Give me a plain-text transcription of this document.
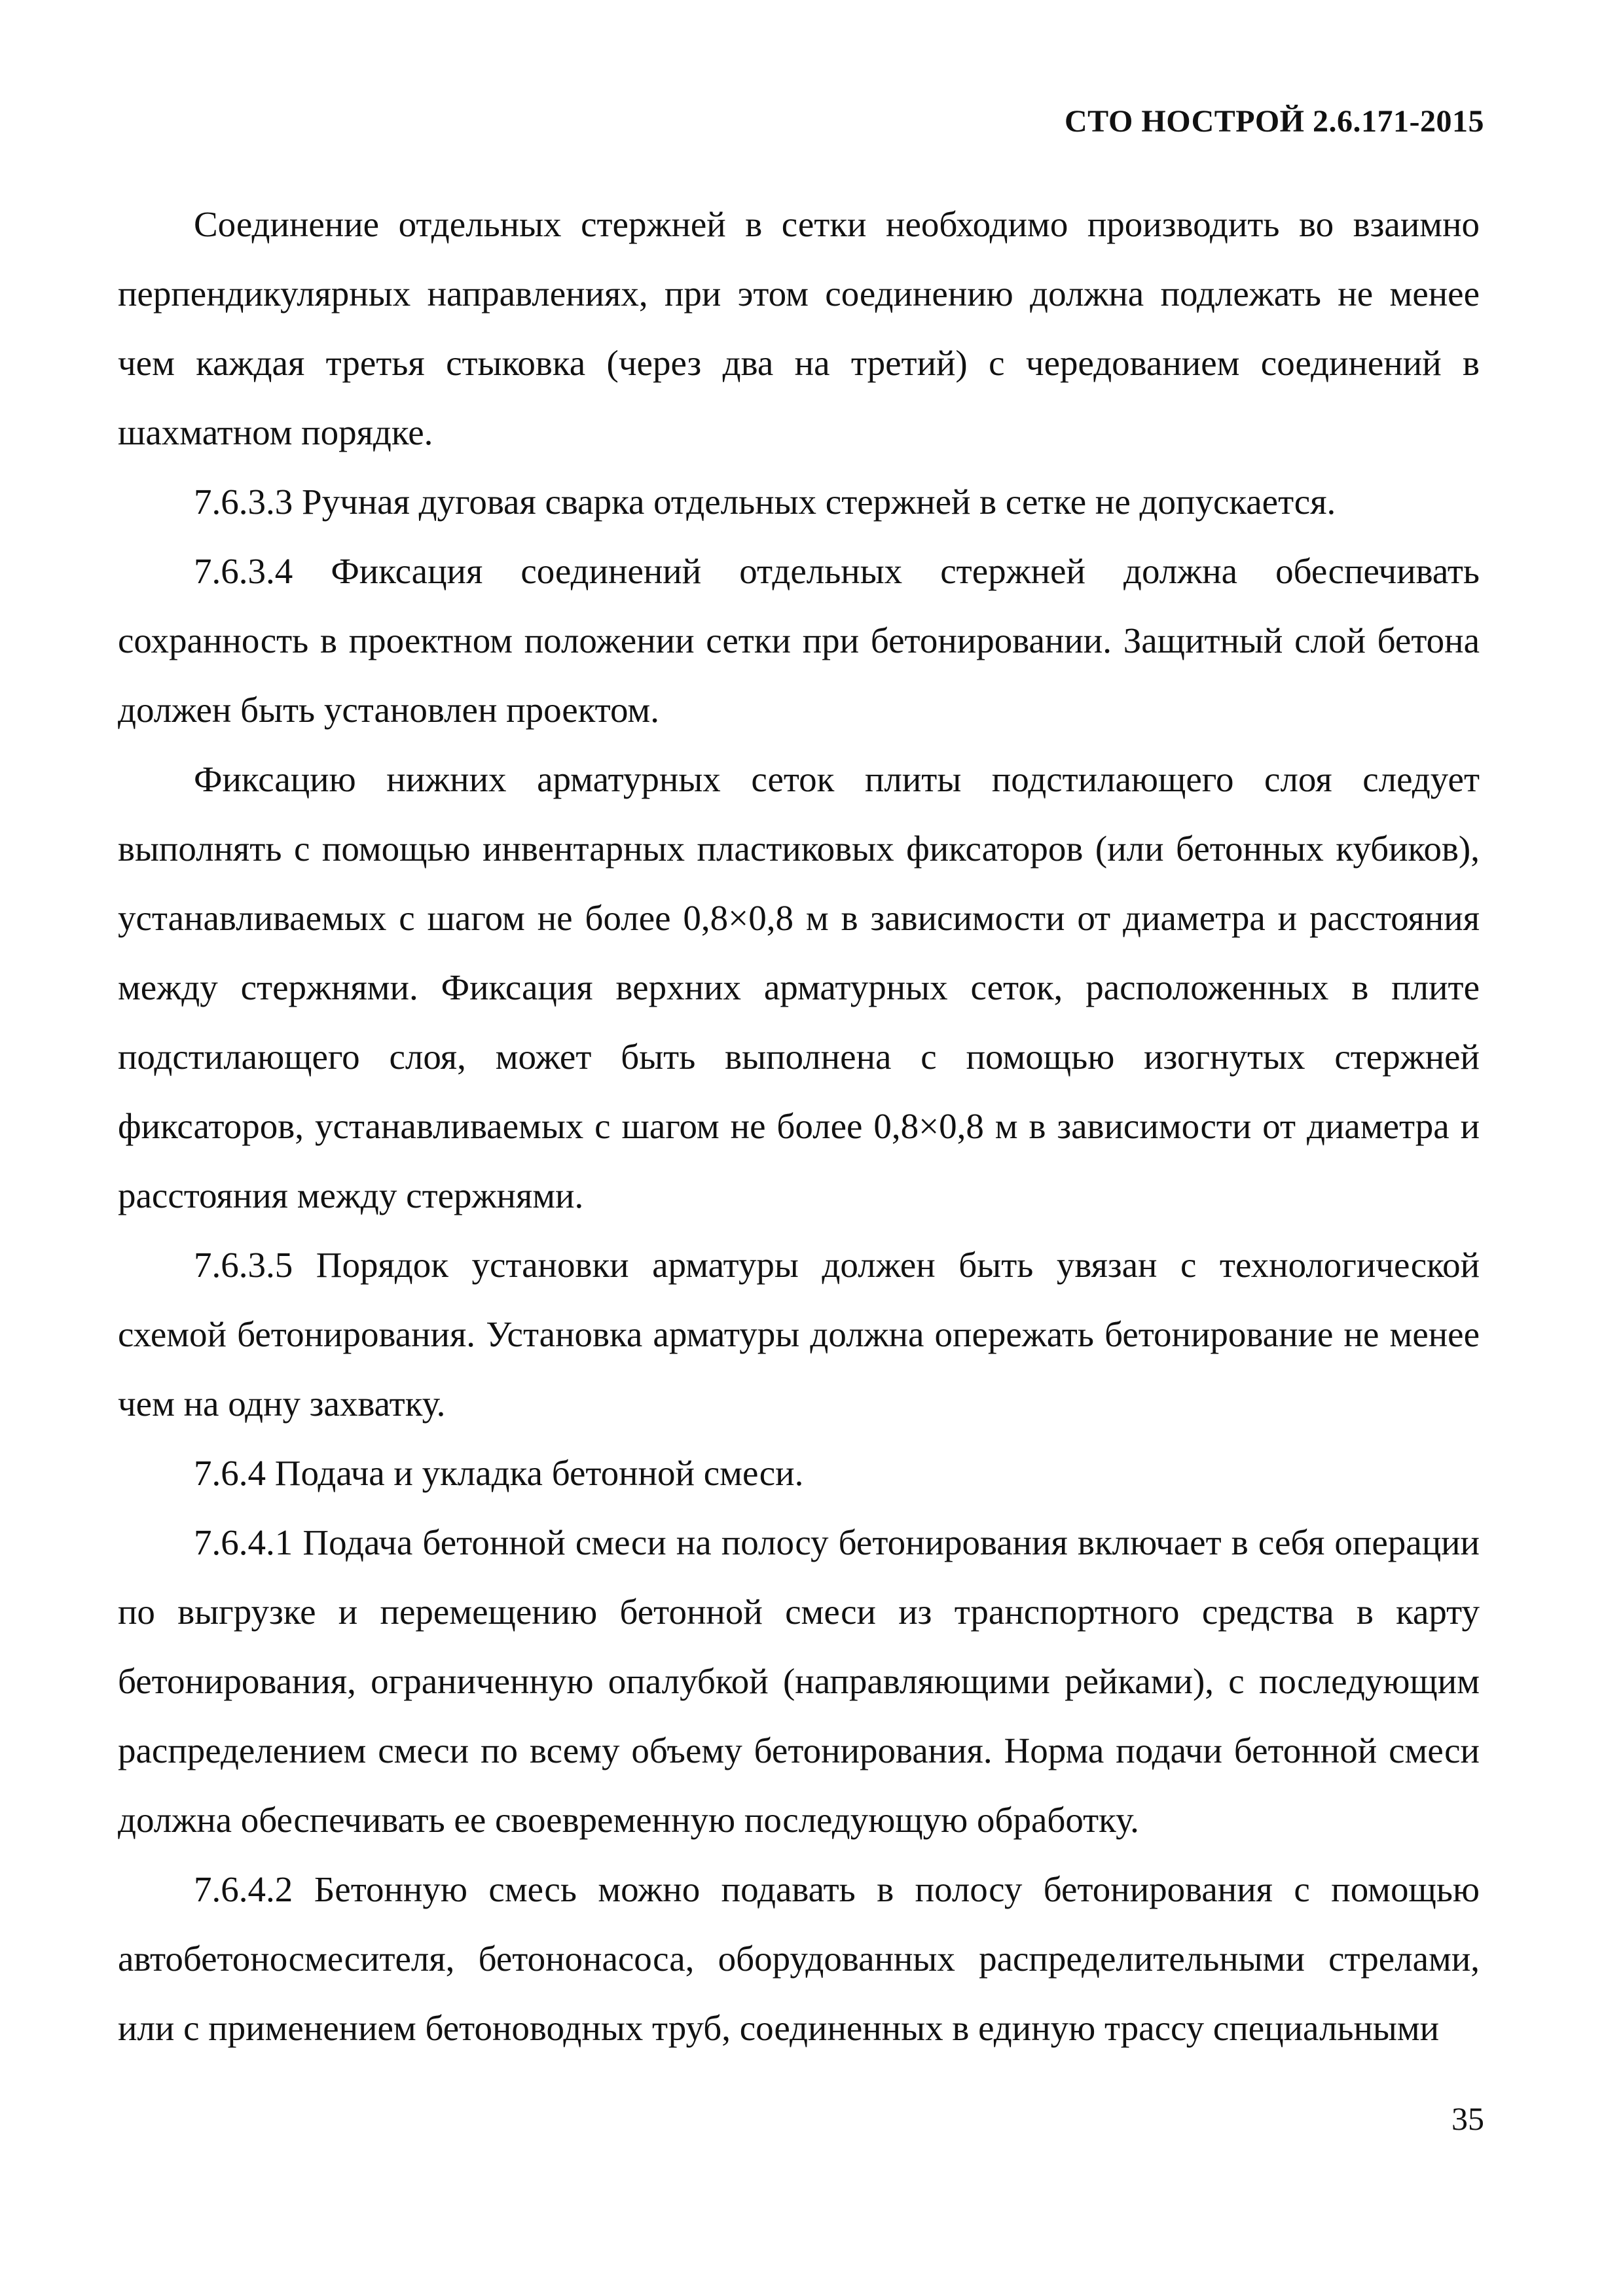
СТО НОСТРОЙ 2.6.171-2015

Соединение отдельных стержней в сетки необходимо производить во взаимно перпендикулярных направлениях, при этом соединению должна подлежать не менее чем каждая третья стыковка (через два на третий) с чередованием соединений в шахматном порядке.

7.6.3.3 Ручная дуговая сварка отдельных стержней в сетке не допускается.

7.6.3.4 Фиксация соединений отдельных стержней должна обеспечивать сохранность в проектном положении сетки при бетонировании. Защитный слой бетона должен быть установлен проектом.

Фиксацию нижних арматурных сеток плиты подстилающего слоя следует выполнять с помощью инвентарных пластиковых фиксаторов (или бетонных кубиков), устанавливаемых с шагом не более 0,8×0,8 м в зависимости от диаметра и расстояния между стержнями. Фиксация верхних арматурных сеток, расположенных в плите подстилающего слоя, может быть выполнена с помощью изогнутых стержней фиксаторов, устанавливаемых с шагом не более 0,8×0,8 м в зависимости от диаметра и расстояния между стержнями.

7.6.3.5 Порядок установки арматуры должен быть увязан с технологической схемой бетонирования. Установка арматуры должна опережать бетонирование не менее чем на одну захватку.

7.6.4 Подача и укладка бетонной смеси.

7.6.4.1 Подача бетонной смеси на полосу бетонирования включает в себя операции по выгрузке и перемещению бетонной смеси из транспортного средства в карту бетонирования, ограниченную опалубкой (направляющими рейками), с последующим распределением смеси по всему объему бетонирования. Норма подачи бетонной смеси должна обеспечивать ее своевременную последующую обработку.

7.6.4.2 Бетонную смесь можно подавать в полосу бетонирования с помощью автобетоносмесителя, бетононасоса, оборудованных распределительными стрелами, или с применением бетоноводных труб, соединенных в единую трассу специальными

35
